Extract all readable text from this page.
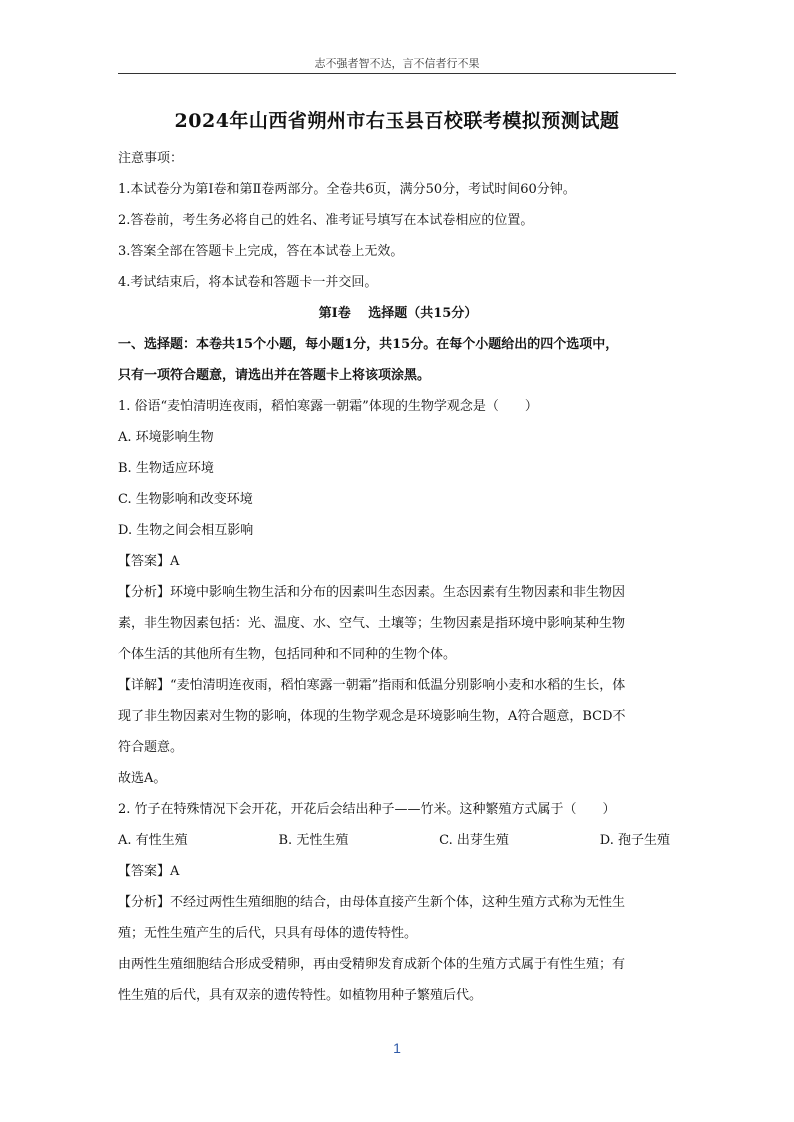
志不强者智不达，言不信者行不果
2024年山西省朔州市右玉县百校联考模拟预测试题
注意事项：
1.本试卷分为第Ⅰ卷和第Ⅱ卷两部分。全卷共6页，满分50分，考试时间60分钟。
2.答卷前，考生务必将自己的姓名、准考证号填写在本试卷相应的位置。
3.答案全部在答题卡上完成，答在本试卷上无效。
4.考试结束后，将本试卷和答题卡一并交回。
第Ⅰ卷　 选择题（共15分）
一、选择题：本卷共15个小题，每小题1分，共15分。在每个小题给出的四个选项中，
只有一项符合题意，请选出并在答题卡上将该项涂黑。
1. 俗语“麦怕清明连夜雨，稻怕寒露一朝霜”体现的生物学观念是（　　）
A. 环境影响生物
B. 生物适应环境
C. 生物影响和改变环境
D. 生物之间会相互影响
【答案】A
【分析】环境中影响生物生活和分布的因素叫生态因素。生态因素有生物因素和非生物因
素，非生物因素包括：光、温度、水、空气、土壤等；生物因素是指环境中影响某种生物
个体生活的其他所有生物，包括同种和不同种的生物个体。
【详解】“麦怕清明连夜雨，稻怕寒露一朝霜”指雨和低温分别影响小麦和水稻的生长，体
现了非生物因素对生物的影响，体现的生物学观念是环境影响生物，A符合题意，BCD不
符合题意。
故选A。
2. 竹子在特殊情况下会开花，开花后会结出种子——竹米。这种繁殖方式属于（　　）
A. 有性生殖	B. 无性生殖	C. 出芽生殖	D. 孢子生殖
【答案】A
【分析】不经过两性生殖细胞的结合，由母体直接产生新个体，这种生殖方式称为无性生
殖；无性生殖产生的后代，只具有母体的遗传特性。
由两性生殖细胞结合形成受精卵，再由受精卵发育成新个体的生殖方式属于有性生殖；有
性生殖的后代，具有双亲的遗传特性。如植物用种子繁殖后代。
1
